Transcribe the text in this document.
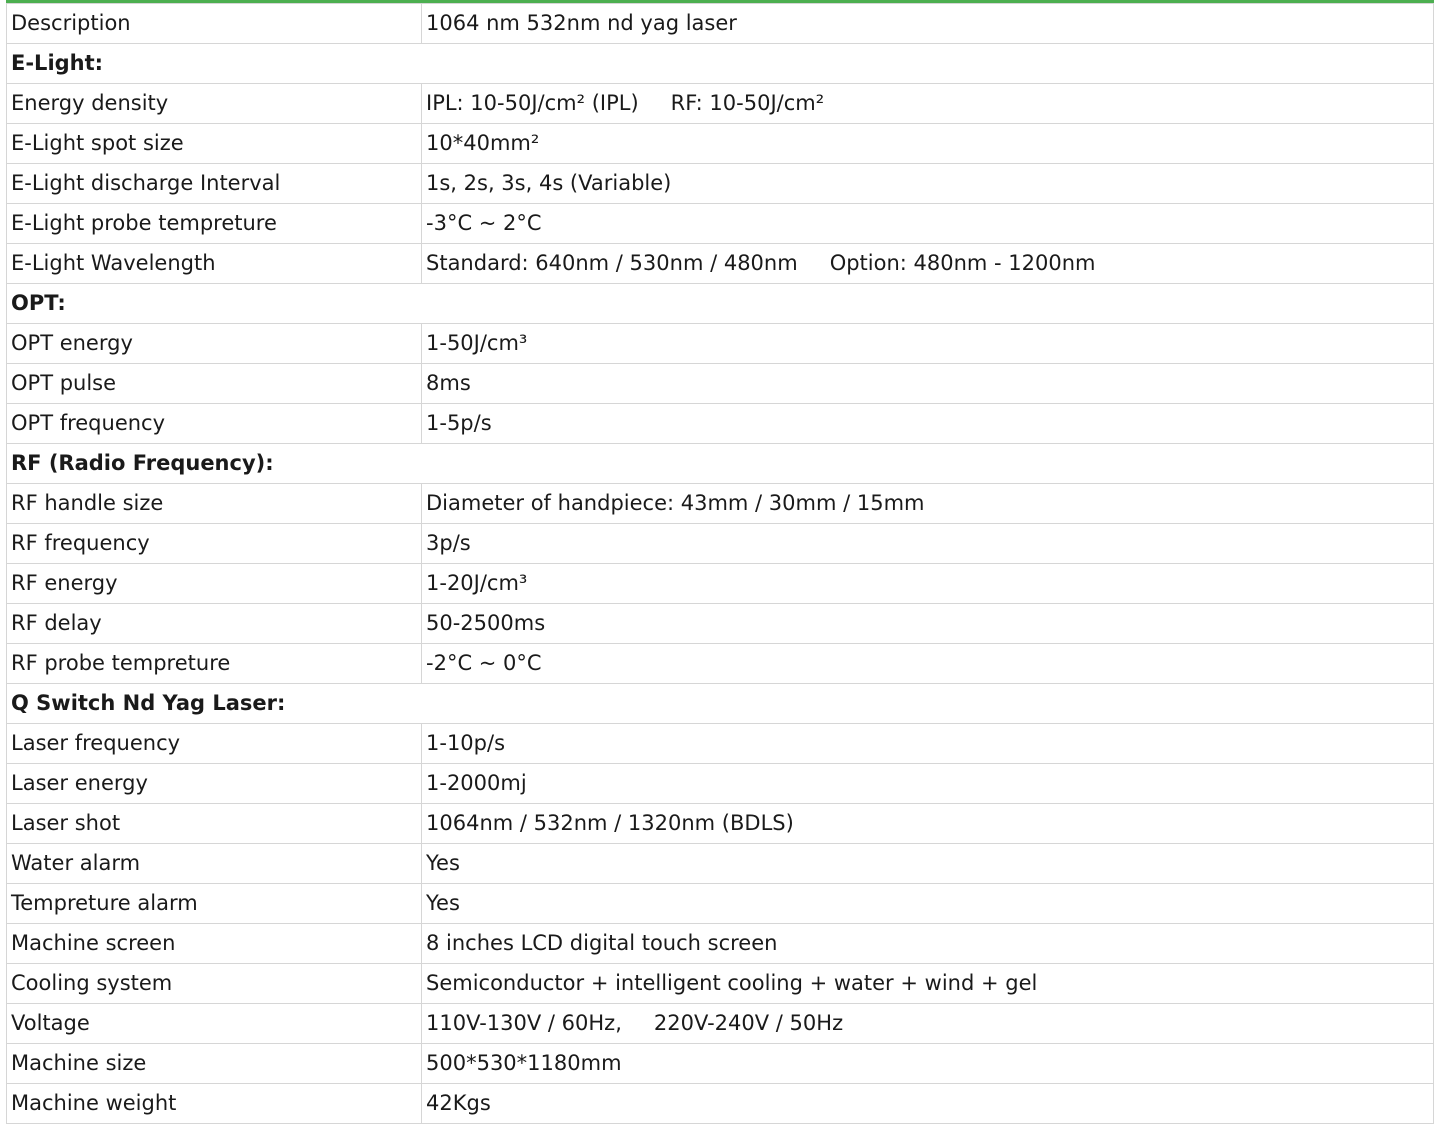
Description	1064 nm 532nm nd yag laser
E-Light:	
Energy density	IPL: 10-50J/cm² (IPL) RF: 10-50J/cm²
E-Light spot size	10*40mm²
E-Light discharge Interval	1s, 2s, 3s, 4s (Variable)
E-Light probe tempreture	-3°C ~ 2°C
E-Light Wavelength	Standard: 640nm / 530nm / 480nm Option: 480nm - 1200nm
OPT:	
OPT energy	1-50J/cm³
OPT pulse	8ms
OPT frequency	1-5p/s
RF (Radio Frequency):	
RF handle size	Diameter of handpiece: 43mm / 30mm / 15mm
RF frequency	3p/s
RF energy	1-20J/cm³
RF delay	50-2500ms
RF probe tempreture	-2°C ~ 0°C
Q Switch Nd Yag Laser:	
Laser frequency	1-10p/s
Laser energy	1-2000mj
Laser shot	1064nm / 532nm / 1320nm (BDLS)
Water alarm	Yes
Tempreture alarm	Yes
Machine screen	8 inches LCD digital touch screen
Cooling system	Semiconductor + intelligent cooling + water + wind + gel
Voltage	110V-130V / 60Hz, 220V-240V / 50Hz
Machine size	500*530*1180mm
Machine weight	42Kgs
